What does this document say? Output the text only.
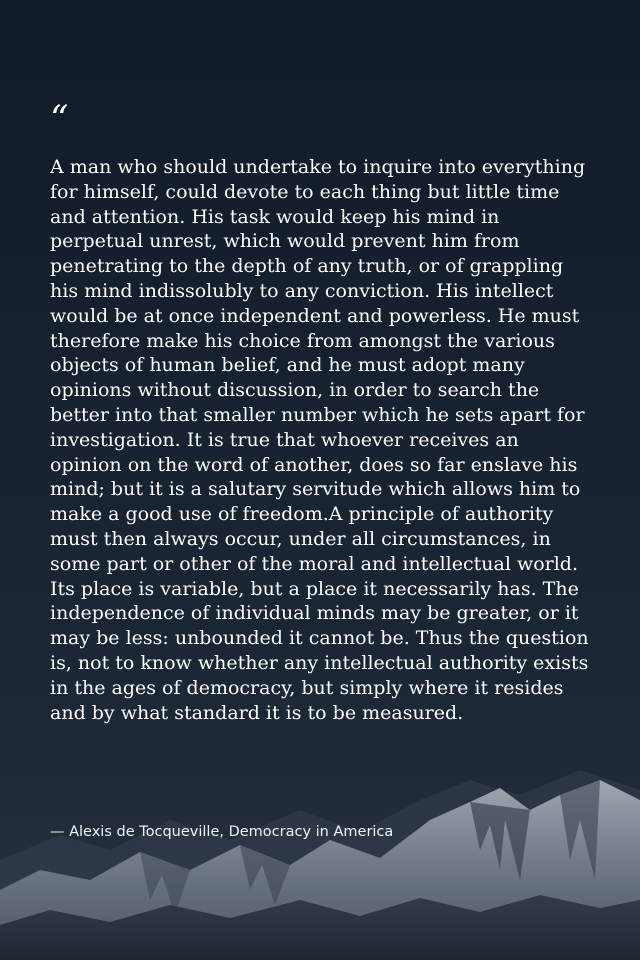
“

A man who should undertake to inquire into everything for himself, could devote to each thing but little time and attention. His task would keep his mind in perpetual unrest, which would prevent him from penetrating to the depth of any truth, or of grappling his mind indissolubly to any conviction. His intellect would be at once independent and powerless. He must therefore make his choice from amongst the various objects of human belief, and he must adopt many opinions without discussion, in order to search the better into that smaller number which he sets apart for investigation. It is true that whoever receives an opinion on the word of another, does so far enslave his mind; but it is a salutary servitude which allows him to make a good use of freedom.A principle of authority must then always occur, under all circumstances, in some part or other of the moral and intellectual world. Its place is variable, but a place it necessarily has. The independence of individual minds may be greater, or it may be less: unbounded it cannot be. Thus the question is, not to know whether any intellectual authority exists in the ages of democracy, but simply where it resides and by what standard it is to be measured.

— Alexis de Tocqueville, Democracy in America
